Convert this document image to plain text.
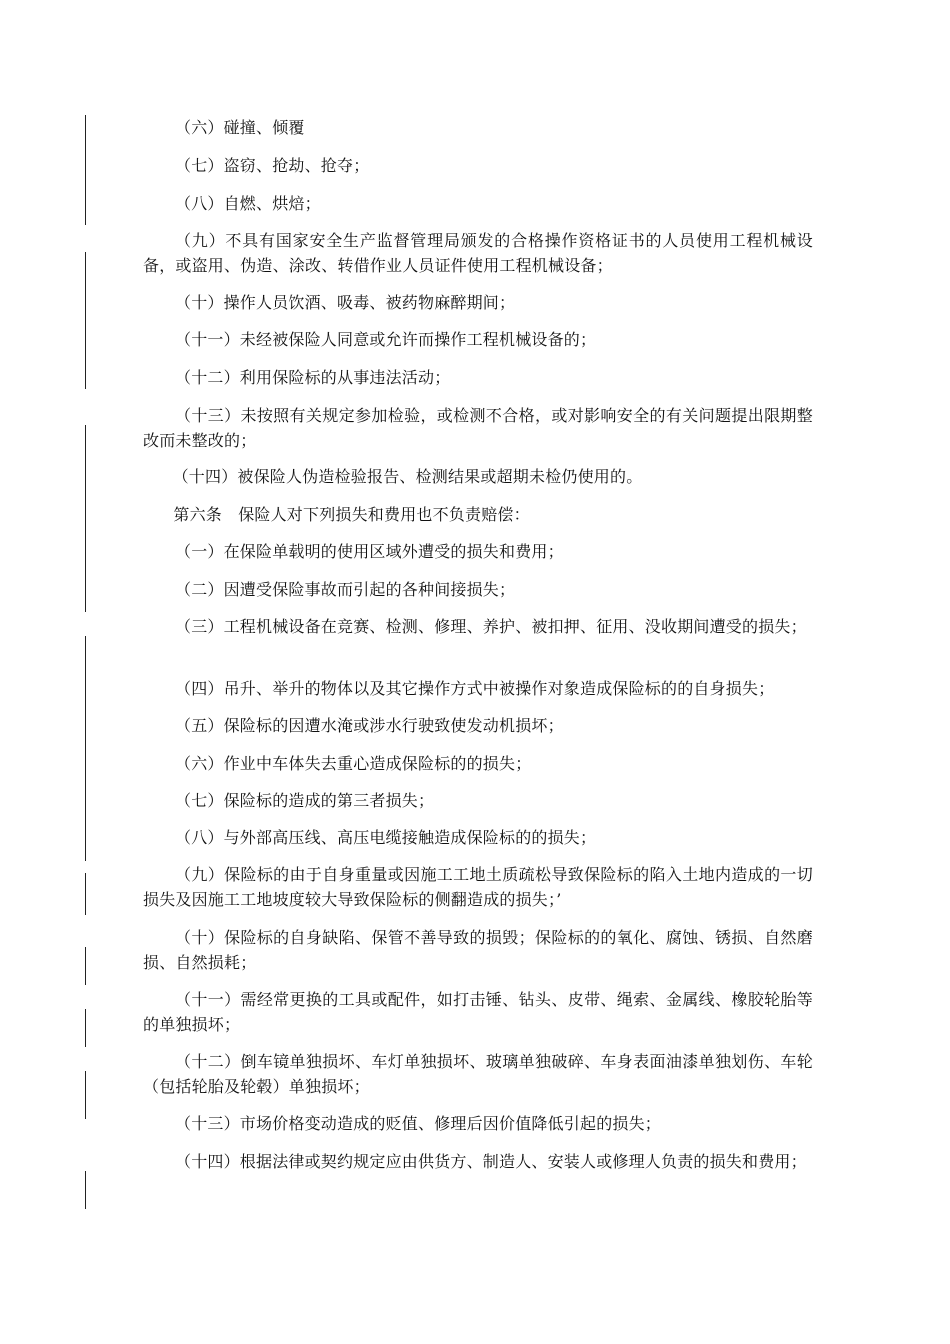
（六）碰撞、倾覆

（七）盗窃、抢劫、抢夺；

（八）自燃、烘焙；

（九）不具有国家安全生产监督管理局颁发的合格操作资格证书的人员使用工程机械设备，或盗用、伪造、涂改、转借作业人员证件使用工程机械设备；

（十）操作人员饮酒、吸毒、被药物麻醉期间；

（十一）未经被保险人同意或允许而操作工程机械设备的；

（十二）利用保险标的从事违法活动；

（十三）未按照有关规定参加检验，或检测不合格，或对影响安全的有关问题提出限期整改而未整改的；

（十四）被保险人伪造检验报告、检测结果或超期未检仍使用的。

第六条　保险人对下列损失和费用也不负责赔偿：

（一）在保险单载明的使用区域外遭受的损失和费用；

（二）因遭受保险事故而引起的各种间接损失；

（三）工程机械设备在竞赛、检测、修理、养护、被扣押、征用、没收期间遭受的损失；

（四）吊升、举升的物体以及其它操作方式中被操作对象造成保险标的的自身损失；

（五）保险标的因遭水淹或涉水行驶致使发动机损坏；

（六）作业中车体失去重心造成保险标的的损失；

（七）保险标的造成的第三者损失；

（八）与外部高压线、高压电缆接触造成保险标的的损失；

（九）保险标的由于自身重量或因施工工地土质疏松导致保险标的陷入土地内造成的一切损失及因施工工地坡度较大导致保险标的侧翻造成的损失；’

（十）保险标的自身缺陷、保管不善导致的损毁；保险标的的氧化、腐蚀、锈损、自然磨损、自然损耗；

（十一）需经常更换的工具或配件，如打击锤、钻头、皮带、绳索、金属线、橡胶轮胎等的单独损坏；

（十二）倒车镜单独损坏、车灯单独损坏、玻璃单独破碎、车身表面油漆单独划伤、车轮（包括轮胎及轮毂）单独损坏；

（十三）市场价格变动造成的贬值、修理后因价值降低引起的损失；

（十四）根据法律或契约规定应由供货方、制造人、安装人或修理人负责的损失和费用；
